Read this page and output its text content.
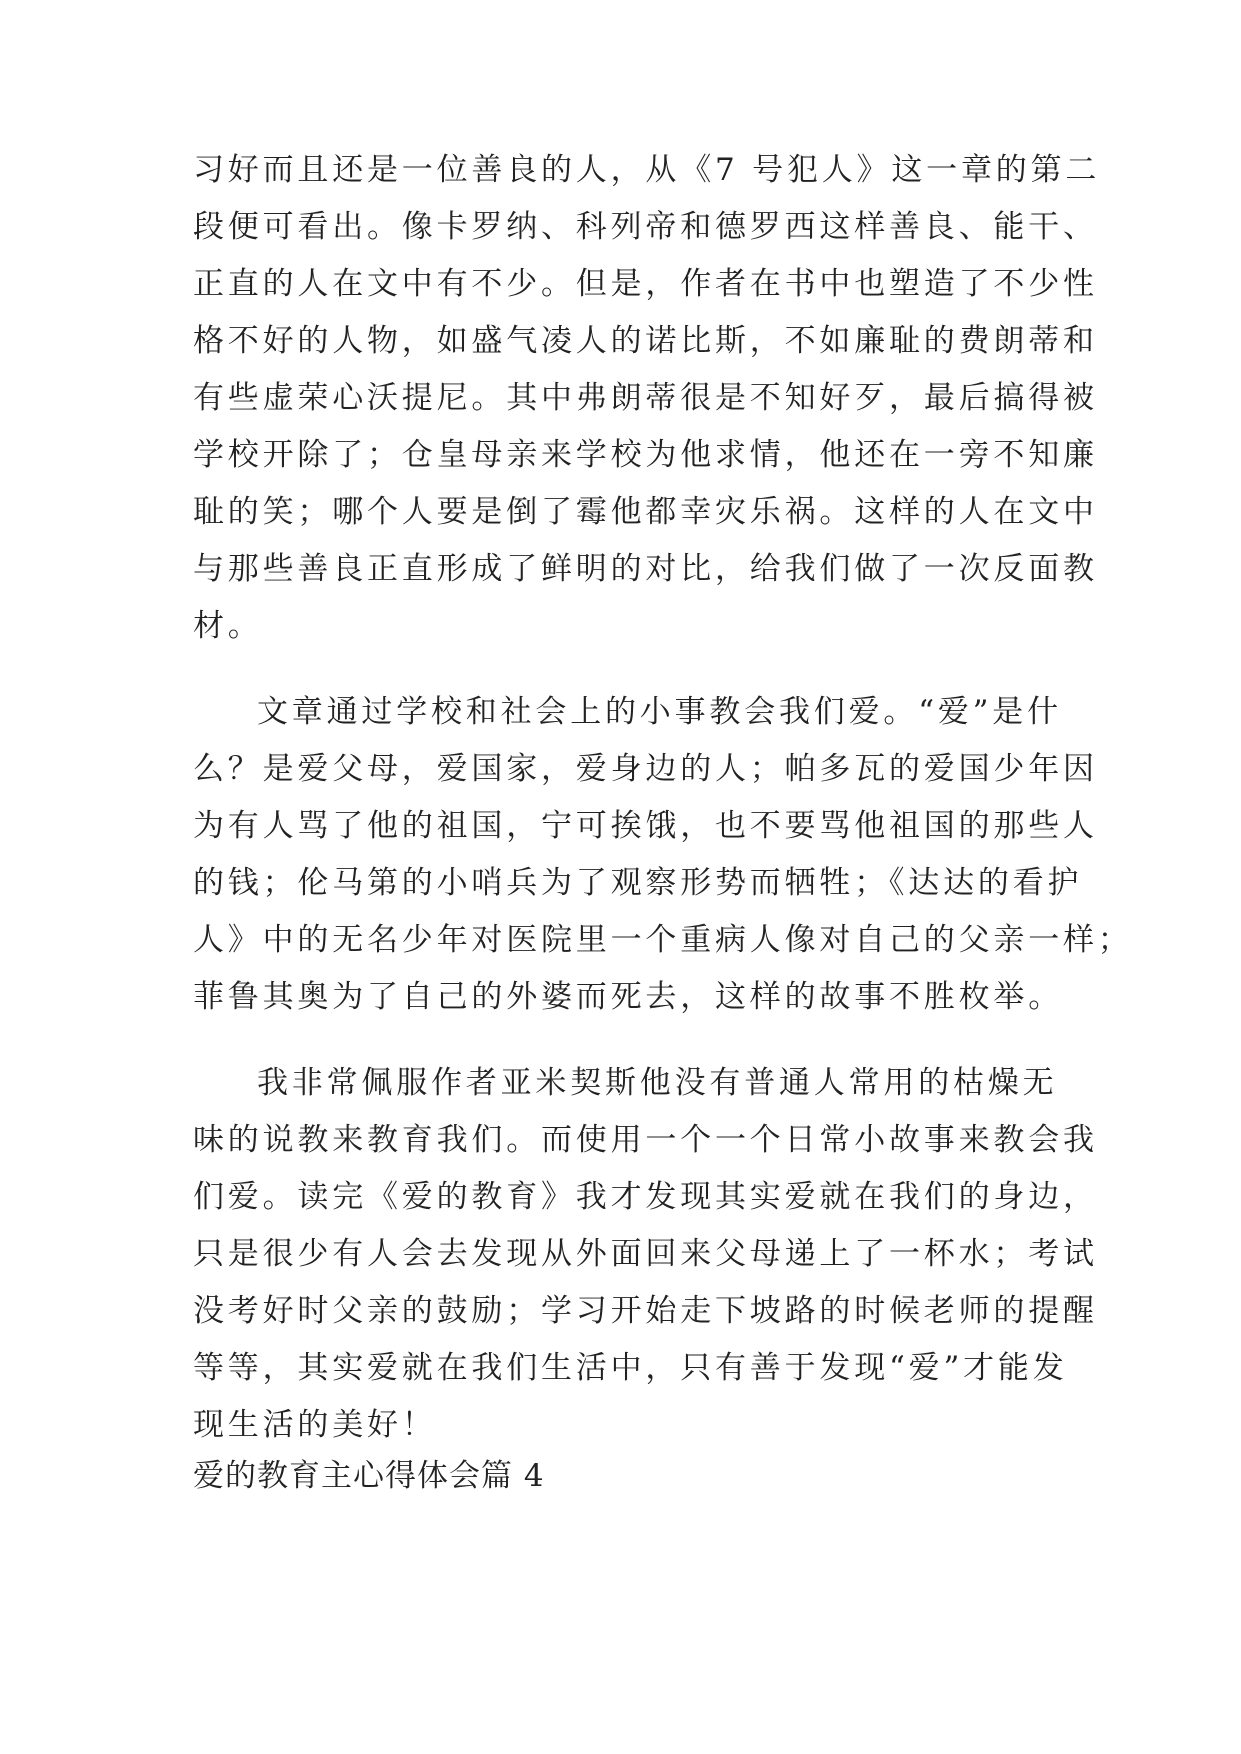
习好而且还是一位善良的人，从《7 号犯人》这一章的第二
段便可看出。像卡罗纳、科列帝和德罗西这样善良、能干、
正直的人在文中有不少。但是，作者在书中也塑造了不少性
格不好的人物，如盛气凌人的诺比斯，不如廉耻的费朗蒂和
有些虚荣心沃提尼。其中弗朗蒂很是不知好歹，最后搞得被
学校开除了；仓皇母亲来学校为他求情，他还在一旁不知廉
耻的笑；哪个人要是倒了霉他都幸灾乐祸。这样的人在文中
与那些善良正直形成了鲜明的对比，给我们做了一次反面教
材。
文章通过学校和社会上的小事教会我们爱。“爱”是什
么？是爱父母，爱国家，爱身边的人；帕多瓦的爱国少年因
为有人骂了他的祖国，宁可挨饿，也不要骂他祖国的那些人
的钱；伦马第的小哨兵为了观察形势而牺牲；《达达的看护
人》中的无名少年对医院里一个重病人像对自己的父亲一样；
菲鲁其奥为了自己的外婆而死去，这样的故事不胜枚举。
我非常佩服作者亚米契斯他没有普通人常用的枯燥无
味的说教来教育我们。而使用一个一个日常小故事来教会我
们爱。读完《爱的教育》我才发现其实爱就在我们的身边，
只是很少有人会去发现从外面回来父母递上了一杯水；考试
没考好时父亲的鼓励；学习开始走下坡路的时候老师的提醒
等等，其实爱就在我们生活中，只有善于发现“爱”才能发
现生活的美好！
爱的教育主心得体会篇 4
